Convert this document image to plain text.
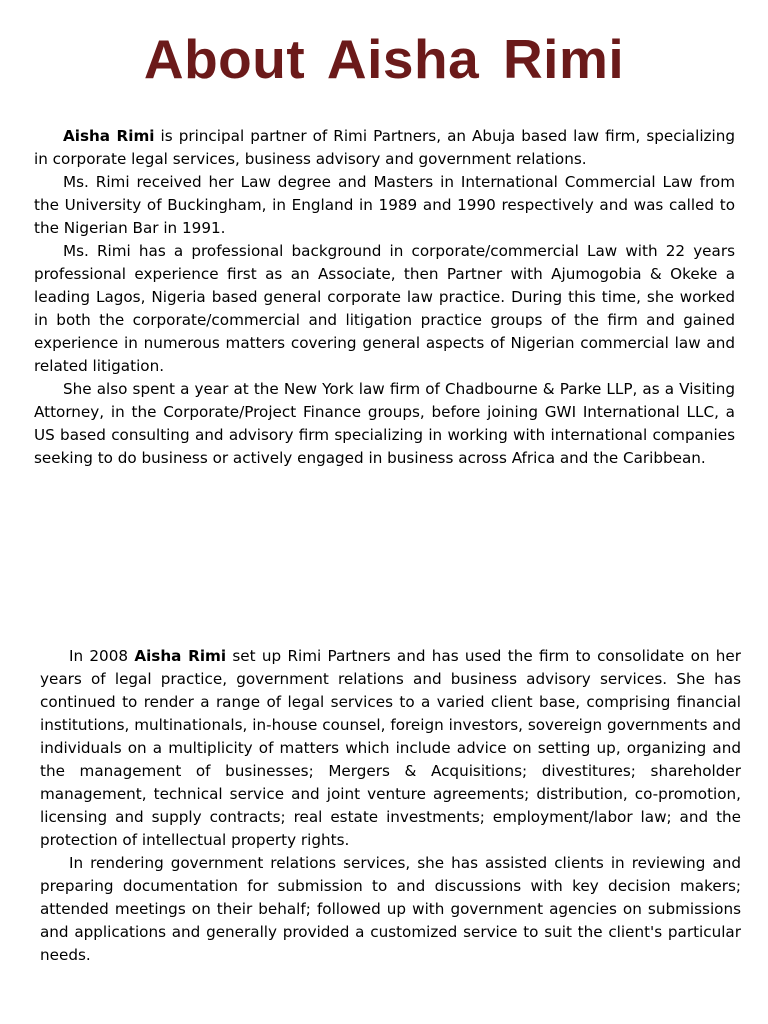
About Aisha Rimi

Aisha Rimi is principal partner of Rimi Partners, an Abuja based law firm, specializing in corporate legal services, business advisory and government relations.

Ms. Rimi received her Law degree and Masters in International Commercial Law from the University of Buckingham, in England in 1989 and 1990 respectively and was called to the Nigerian Bar in 1991.

Ms. Rimi has a professional background in corporate/commercial Law with 22 years professional experience first as an Associate, then Partner with Ajumogobia & Okeke a leading Lagos, Nigeria based general corporate law practice. During this time, she worked in both the corporate/commercial and litigation practice groups of the firm and gained experience in numerous matters covering general aspects of Nigerian commercial law and related litigation.

She also spent a year at the New York law firm of Chadbourne & Parke LLP, as a Visiting Attorney, in the Corporate/Project Finance groups, before joining GWI International LLC, a US based consulting and advisory firm specializing in working with international companies seeking to do business or actively engaged in business across Africa and the Caribbean.

In 2008 Aisha Rimi set up Rimi Partners and has used the firm to consolidate on her years of legal practice, government relations and business advisory services. She has continued to render a range of legal services to a varied client base, comprising financial institutions, multinationals, in-house counsel, foreign investors, sovereign governments and individuals on a multiplicity of matters which include advice on setting up, organizing and the management of businesses; Mergers & Acquisitions; divestitures; shareholder management, technical service and joint venture agreements; distribution, co-promotion, licensing and supply contracts; real estate investments; employment/labor law; and the protection of intellectual property rights.

In rendering government relations services, she has assisted clients in reviewing and preparing documentation for submission to and discussions with key decision makers; attended meetings on their behalf; followed up with government agencies on submissions and applications and generally provided a customized service to suit the client's particular needs.
